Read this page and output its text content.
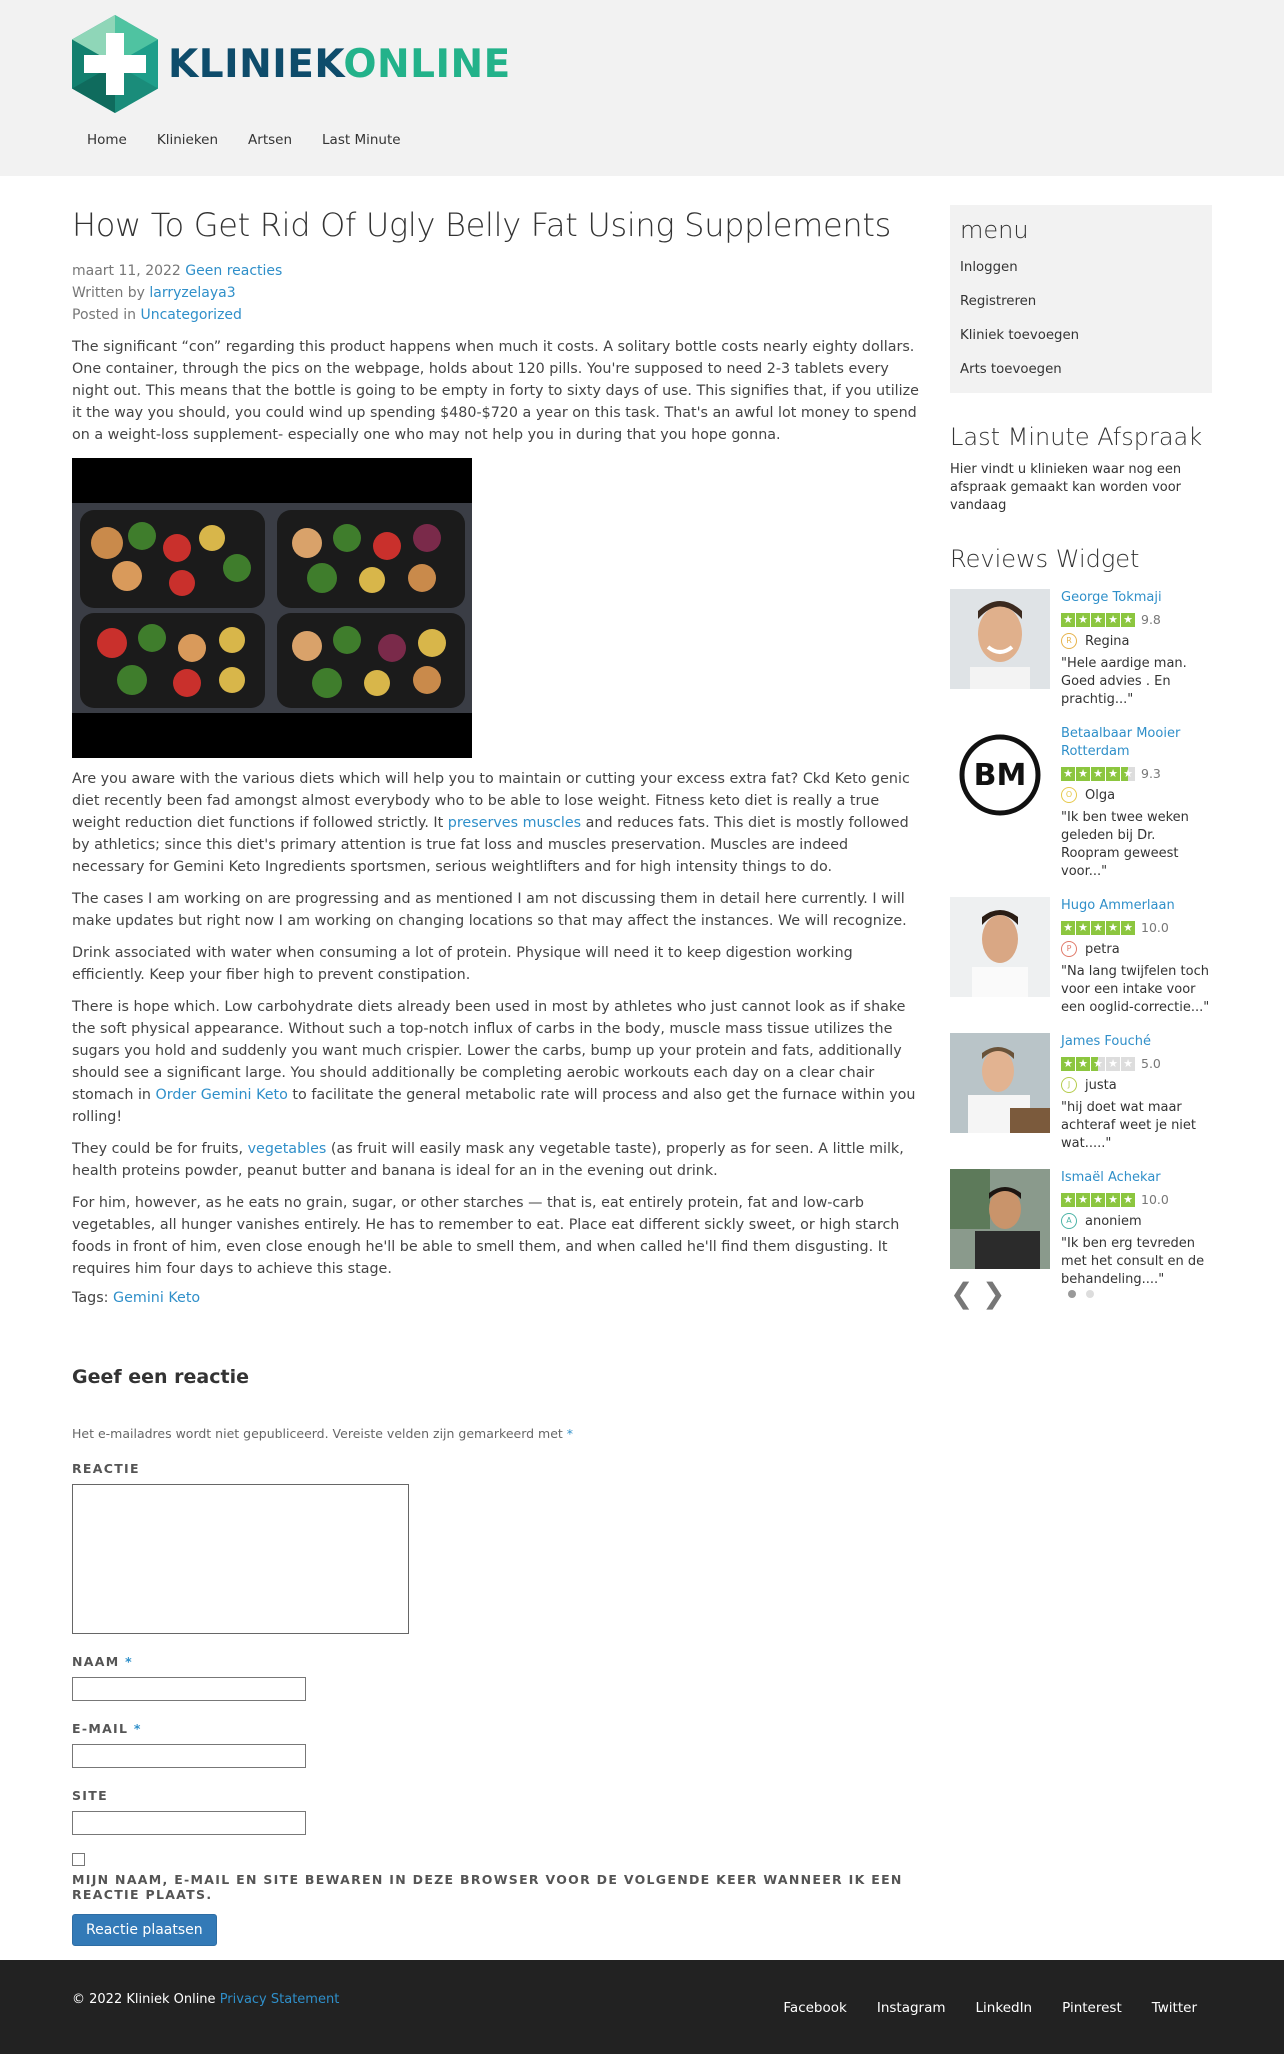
KLINIEKONLINE
Home	Klinieken	Artsen	Last Minute
How To Get Rid Of Ugly Belly Fat Using Supplements
maart 11, 2022 Geen reacties
Written by larryzelaya3
Posted in Uncategorized

The significant “con” regarding this product happens when much it costs. A solitary bottle costs nearly eighty dollars. One container, through the pics on the webpage, holds about 120 pills. You're supposed to need 2-3 tablets every night out. This means that the bottle is going to be empty in forty to sixty days of use. This signifies that, if you utilize it the way you should, you could wind up spending $480-$720 a year on this task. That's an awful lot money to spend on a weight-loss supplement- especially one who may not help you in during that you hope gonna.

Are you aware with the various diets which will help you to maintain or cutting your excess extra fat? Ckd Keto genic diet recently been fad amongst almost everybody who to be able to lose weight. Fitness keto diet is really a true weight reduction diet functions if followed strictly. It preserves muscles and reduces fats. This diet is mostly followed by athletics; since this diet's primary attention is true fat loss and muscles preservation. Muscles are indeed necessary for Gemini Keto Ingredients sportsmen, serious weightlifters and for high intensity things to do.

The cases I am working on are progressing and as mentioned I am not discussing them in detail here currently. I will make updates but right now I am working on changing locations so that may affect the instances. We will recognize.

Drink associated with water when consuming a lot of protein. Physique will need it to keep digestion working efficiently. Keep your fiber high to prevent constipation.

There is hope which. Low carbohydrate diets already been used in most by athletes who just cannot look as if shake the soft physical appearance. Without such a top-notch influx of carbs in the body, muscle mass tissue utilizes the sugars you hold and suddenly you want much crispier. Lower the carbs, bump up your protein and fats, additionally should see a significant large. You should additionally be completing aerobic workouts each day on a clear chair stomach in Order Gemini Keto to facilitate the general metabolic rate will process and also get the furnace within you rolling!

They could be for fruits, vegetables (as fruit will easily mask any vegetable taste), properly as for seen. A little milk, health proteins powder, peanut butter and banana is ideal for an in the evening out drink.

For him, however, as he eats no grain, sugar, or other starches — that is, eat entirely protein, fat and low-carb vegetables, all hunger vanishes entirely. He has to remember to eat. Place eat different sickly sweet, or high starch foods in front of him, even close enough he'll be able to smell them, and when called he'll find them disgusting. It requires him four days to achieve this stage.

Tags: Gemini Keto
Geef een reactie

Het e-mailadres wordt niet gepubliceerd. Vereiste velden zijn gemarkeerd met *

REACTIE
NAAM *
E-MAIL *
SITE
MIJN NAAM, E-MAIL EN SITE BEWAREN IN DEZE BROWSER VOOR DE VOLGENDE KEER WANNEER IK EEN REACTIE PLAATS.
Reactie plaatsen
menu
Inloggen
Registreren
Kliniek toevoegen
Arts toevoegen
Last Minute Afspraak
Hier vindt u klinieken waar nog een afspraak gemaakt kan worden voor vandaag
Reviews Widget
George Tokmaji
★ ★ ★ ★ ★ 9.8
R	Regina
"Hele aardige man. Goed advies . En prachtig..."
BM
Betaalbaar Mooier Rotterdam
★ ★ ★ ★ ★ 9.3
O Olga
"Ik ben twee weken geleden bij Dr. Roopram geweest voor..."
Hugo Ammerlaan
★ ★ ★ ★ ★ 10.0
P	petra
"Na lang twijfelen toch voor een intake voor een ooglid-correctie..."
James Fouché
★ ★ ★ ★ ★ 5.0
J	justa
"hij doet wat maar achteraf weet je niet wat....."
Ismaël Achekar
★ ★ ★ ★ ★ 10.0
A	anoniem
"Ik ben erg tevreden met het consult en de behandeling...."
❮ ❯
© 2022 Kliniek Online Privacy Statement
Facebook	Instagram	LinkedIn	Pinterest	Twitter
